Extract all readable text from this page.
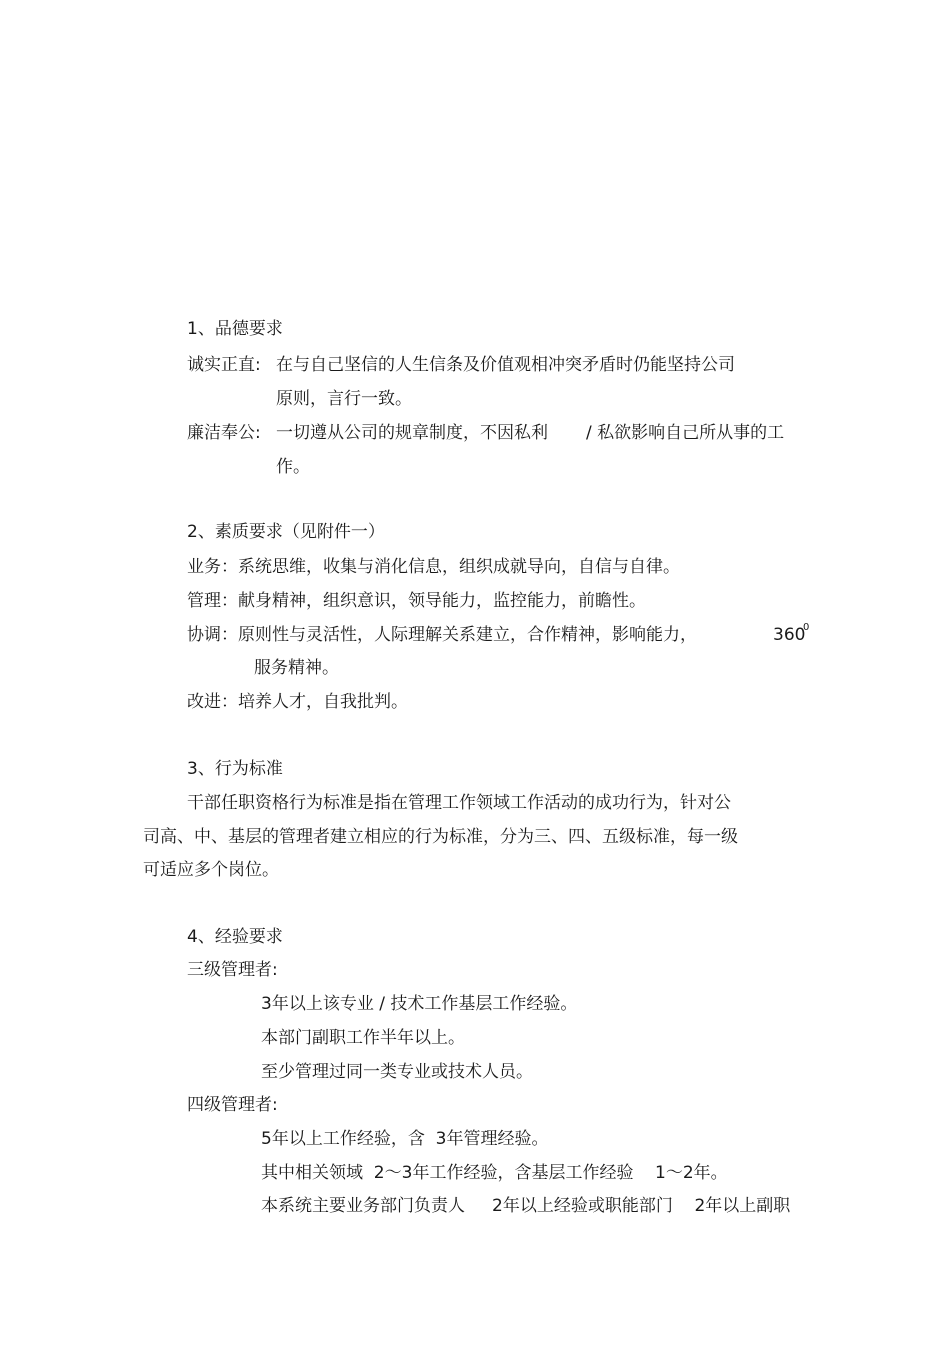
1、品德要求
诚实正直: 在与自己坚信的人生信条及价值观相冲突矛盾时仍能坚持公司
原则，言行一致。
廉洁奉公: 一切遵从公司的规章制度，不因私利 / 私欲影响自己所从事的工
作。
2、素质要求（见附件一）
业务：系统思维，收集与消化信息，组织成就导向，自信与自律。
管理：献身精神，组织意识，领导能力，监控能力，前瞻性。
协调：原则性与灵活性，人际理解关系建立，合作精神，影响能力，	360
0
服务精神。
改进：培养人才，自我批判。
3、行为标准
干部任职资格行为标准是指在管理工作领域工作活动的成功行为，针对公
司高、中、基层的管理者建立相应的行为标准，分为三、四、五级标准，每一级
可适应多个岗位。
4、经验要求
三级管理者:
3年以上该专业 / 技术工作基层工作经验。
本部门副职工作半年以上。
至少管理过同一类专业或技术人员。
四级管理者:
5年以上工作经验，含  3年管理经验。
其中相关领域  2～3年工作经验，含基层工作经验    1～2年。
本系统主要业务部门负责人     2年以上经验或职能部门    2年以上副职
